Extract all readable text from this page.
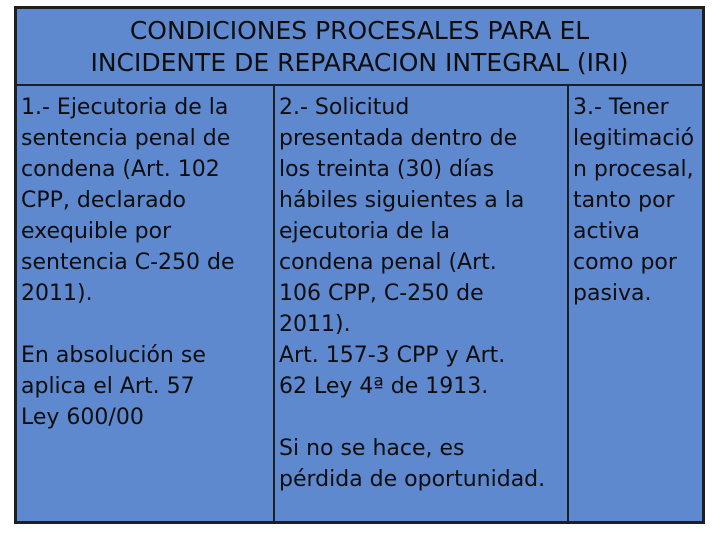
CONDICIONES PROCESALES PARA EL
INCIDENTE DE REPARACION INTEGRAL (IRI)

1.- Ejecutoria de la
sentencia penal de
condena (Art. 102
CPP, declarado
exequible por
sentencia C-250 de
2011).

En absolución se
aplica el Art. 57
Ley 600/00

2.- Solicitud
presentada dentro de
los treinta (30) días
hábiles siguientes a la
ejecutoria de la
condena penal (Art.
106 CPP, C-250 de
2011).
Art. 157-3 CPP y Art.
62 Ley 4ª de 1913.

Si no se hace, es
pérdida de oportunidad.

3.- Tener
legitimació
n procesal,
tanto por
activa
como por
pasiva.
